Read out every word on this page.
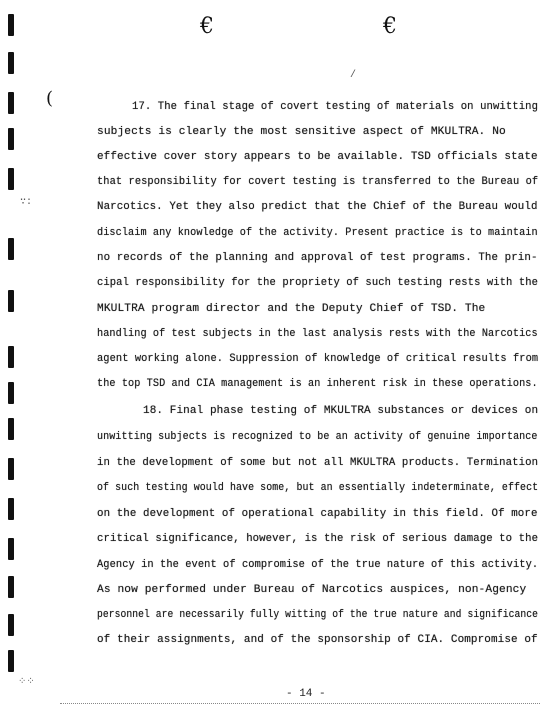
€	€
(
∵:
⁘⁘
/
17. The final stage of covert testing of materials on unwitting
subjects is clearly the most sensitive aspect of MKULTRA. No
effective cover story appears to be available. TSD officials state
that responsibility for covert testing is transferred to the Bureau of
Narcotics. Yet they also predict that the Chief of the Bureau would
disclaim any knowledge of the activity. Present practice is to maintain
no records of the planning and approval of test programs. The prin-
cipal responsibility for the propriety of such testing rests with the
MKULTRA program director and the Deputy Chief of TSD. The
handling of test subjects in the last analysis rests with the Narcotics
agent working alone. Suppression of knowledge of critical results from
the top TSD and CIA management is an inherent risk in these operations.
18. Final phase testing of MKULTRA substances or devices on
unwitting subjects is recognized to be an activity of genuine importance
in the development of some but not all MKULTRA products. Termination
of such testing would have some, but an essentially indeterminate, effect
on the development of operational capability in this field. Of more
critical significance, however, is the risk of serious damage to the
Agency in the event of compromise of the true nature of this activity.
As now performed under Bureau of Narcotics auspices, non-Agency
personnel are necessarily fully witting of the true nature and significance
of their assignments, and of the sponsorship of CIA. Compromise of
- 14 -
